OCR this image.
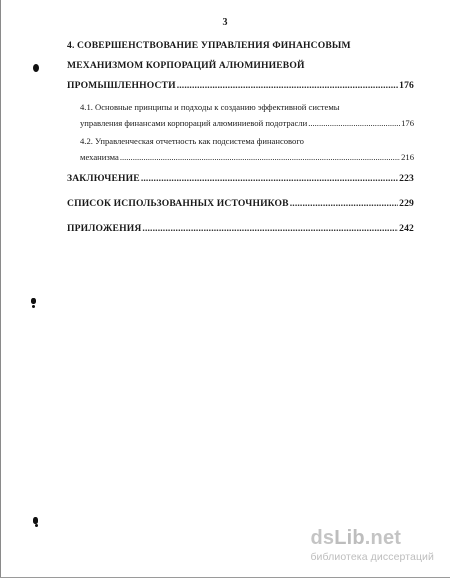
3
4. СОВЕРШЕНСТВОВАНИЕ УПРАВЛЕНИЯ ФИНАНСОВЫМ
МЕХАНИЗМОМ КОРПОРАЦИЙ АЛЮМИНИЕВОЙ
ПРОМЫШЛЕННОСТИ .....	176
4.1. Основные принципы и подходы к созданию эффективной системы
управления финансами корпораций алюминиевой подотрасли .....	176
4.2. Управленческая отчетность как подсистема финансового
механизма .....	216
ЗАКЛЮЧЕНИЕ .....	223
СПИСОК ИСПОЛЬЗОВАННЫХ ИСТОЧНИКОВ .....	229
ПРИЛОЖЕНИЯ .....	242
dsLib.net
библиотека диссертаций
